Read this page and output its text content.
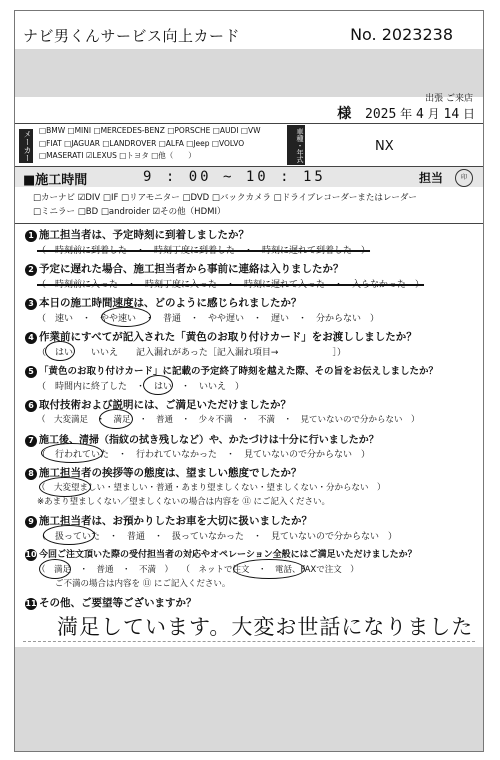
ナビ男くんサービス向上カード	No. 2023238
出張 ご来店
様 2025 年 4 月 14 日
メーカー □BMW □MINI □MERCEDES-BENZ □PORSCHE □AUDI □VW
□FIAT □JAGUAR □LANDROVER □ALFA □Jeep □VOLVO
□MASERATI ☑LEXUS □トヨタ □他（　　）	車種・年式	NX
■施工時間	9 : 00 ~ 10 : 15	担当	印
□カーナビ ☑DIV □IF □リアモニター □DVD □バックカメラ □ドライブレコーダーまたはレーダー
□ミニラー □BD □androider ☑その他（HDMI）
1 施工担当者は、予定時刻に到着しましたか？
（　時刻前に到着した　・　時刻丁度に到着した　・　時刻に遅れて到着した　）
2 予定に遅れた場合、施工担当者から事前に連絡は入りましたか？
（　時刻前に入った　・　時刻丁度に入った　・　時刻に遅れて入った　・　入らなかった　）
3 本日の施工時間速度は、どのように感じられましたか？
（　速い　・　やや速い　・　普通　・　やや遅い　・　遅い　・　分からない　）
4 作業前にすべてが記入された「黄色のお取り付けカード」をお渡ししましたか？
（　はい　　いいえ　　記入漏れがあった［記入漏れ項目→　　　　　　］）
5 「黄色のお取り付けカード」に記載の予定終了時刻を越えた際、その旨をお伝えしましたか？
（　時間内に終了した　・　はい　・　いいえ　）
6 取付技術および説明には、ご満足いただけましたか？
（　大変満足　・　満足　・　普通　・　少々不満　・　不満　・　見ていないので分からない　）
7 施工後、清掃（指紋の拭き残しなど）や、かたづけは十分に行いましたか？
（　行われていた　・　行われていなかった　・　見ていないので分からない　）
8 施工担当者の挨拶等の態度は、望ましい態度でしたか？
（　大変望ましい・望ましい・普通・あまり望ましくない・望ましくない・分からない　）
※あまり望ましくない／望ましくないの場合は内容を ⑪ にご記入ください。
9 施工担当者は、お預かりしたお車を大切に扱いましたか？
（　扱っていた　・　普通　・　扱っていなかった　・　見ていないので分からない　）
10 今回ご注文頂いた際の受付担当者の対応やオペレーション全般にはご満足いただけましたか？
（　満足　・　普通　・　不満　）　　（　ネットで注文　・　電話、FAXで注文　）
ご不満の場合は内容を ⑪ にご記入ください。
11 その他、ご要望等ございますか？
満足しています。大変お世話になりました
